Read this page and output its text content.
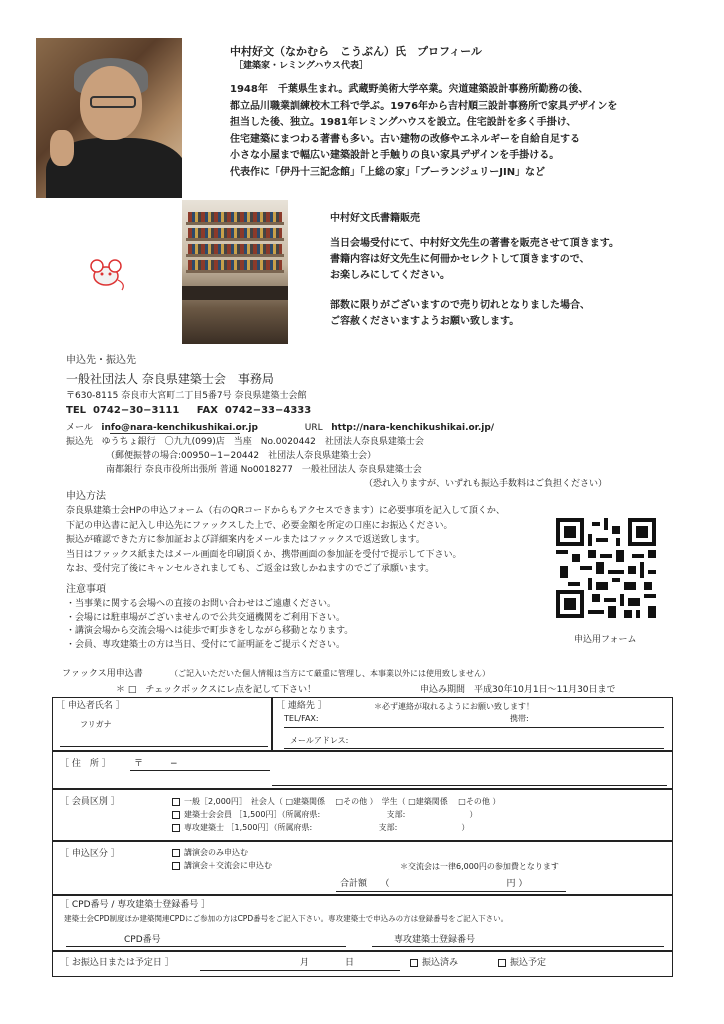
中村好文（なかむら　こうぶん）氏　プロフィール
［建築家・レミングハウス代表］
1948年　千葉県生まれ。武蔵野美術大学卒業。宍道建築設計事務所勤務の後、
都立品川職業訓練校木工科で学ぶ。1976年から吉村順三設計事務所で家具デザインを
担当した後、独立。1981年レミングハウスを設立。住宅設計を多く手掛け、
住宅建築にまつわる著書も多い。古い建物の改修やエネルギーを自給自足する
小さな小屋まで幅広い建築設計と手触りの良い家具デザインを手掛ける。
代表作に「伊丹十三記念館」「上総の家」「ブーランジュリーJIN」など
中村好文氏書籍販売
当日会場受付にて、中村好文先生の著書を販売させて頂きます。
書籍内容は好文先生に何冊かセレクトして頂きますので、
お楽しみにしてください。
部数に限りがございますので売り切れとなりました場合、
ご容赦くださいますようお願い致します。
申込先・振込先
一般社団法人 奈良県建築士会　事務局
〒630-8115 奈良市大宮町二丁目5番7号 奈良県建築士会館
TEL 0742−30−3111 FAX 0742−33−4333
メール info@nara-kenchikushikai.or.jp	URL http://nara-kenchikushikai.or.jp/
振込先 ゆうちょ銀行　〇九九(099)店　当座　No.0020442　社団法人奈良県建築士会
（郵便振替の場合:00950−1−20442　社団法人奈良県建築士会）
南都銀行 奈良市役所出張所 普通 No0018277　一般社団法人 奈良県建築士会
（恐れ入りますが、いずれも振込手数料はご負担ください）
申込方法
奈良県建築士会HPの申込フォーム（右のQRコードからもアクセスできます）に必要事項を記入して頂くか、
下記の申込書に記入し申込先にファックスした上で、必要金額を所定の口座にお振込ください。
振込が確認できた方に参加証および詳細案内をメールまたはファックスで返送致します。
当日はファックス紙またはメール画面を印刷頂くか、携帯画面の参加証を受付で提示して下さい。
なお、受付完了後にキャンセルされましても、ご返金は致しかねますのでご了承願います。
申込用フォーム
注意事項
・当事業に関する会場への直接のお問い合わせはご遠慮ください。
・会場には駐車場がございませんので公共交通機関をご利用下さい。
・講演会場から交流会場へは徒歩で町歩きをしながら移動となります。
・会員、専攻建築士の方は当日、受付にて証明証をご提示ください。
ファックス用申込書	（ご記入いただいた個人情報は当方にて厳重に管理し、本事業以外には使用致しません）
＊ □　チェックボックスにレ点を記して下さい！	申込み期間　平成30年10月1日〜11月30日まで
［ 申込者氏名 ］
フリガナ
［ 連絡先 ］	＊必ず連絡が取れるようにお願い致します！
TEL/FAX:	携帯:
メールアドレス:
［ 住　所 ］	〒　　　−
［ 会員区別 ］	一般［2,000円］　社会人（ □建築関係　 □その他 ）　学生（ □建築関係 　□その他 ）
建築士会会員 ［1,500円］（所属府県:　　　　　　　　 支部:　　　　　　　　）
専攻建築士 ［1,500円］（所属府県:　　　　　　　　 支部:　　　　　　　　）
［ 申込区分 ］	講演会のみ申込む
講演会＋交流会に申込む	＊交流会は一律6,000円の参加費となります
合計額　　（　　　　　　　　　　　　　円 ）
［ CPD番号 / 専攻建築士登録番号 ］
建築士会CPD制度ほか建築関連CPDにご参加の方はCPD番号をご記入下さい。専攻建築士で申込みの方は登録番号をご記入下さい。
CPD番号	専攻建築士登録番号
［ お振込日または予定日 ］	月　　　　日	振込済み	振込予定
